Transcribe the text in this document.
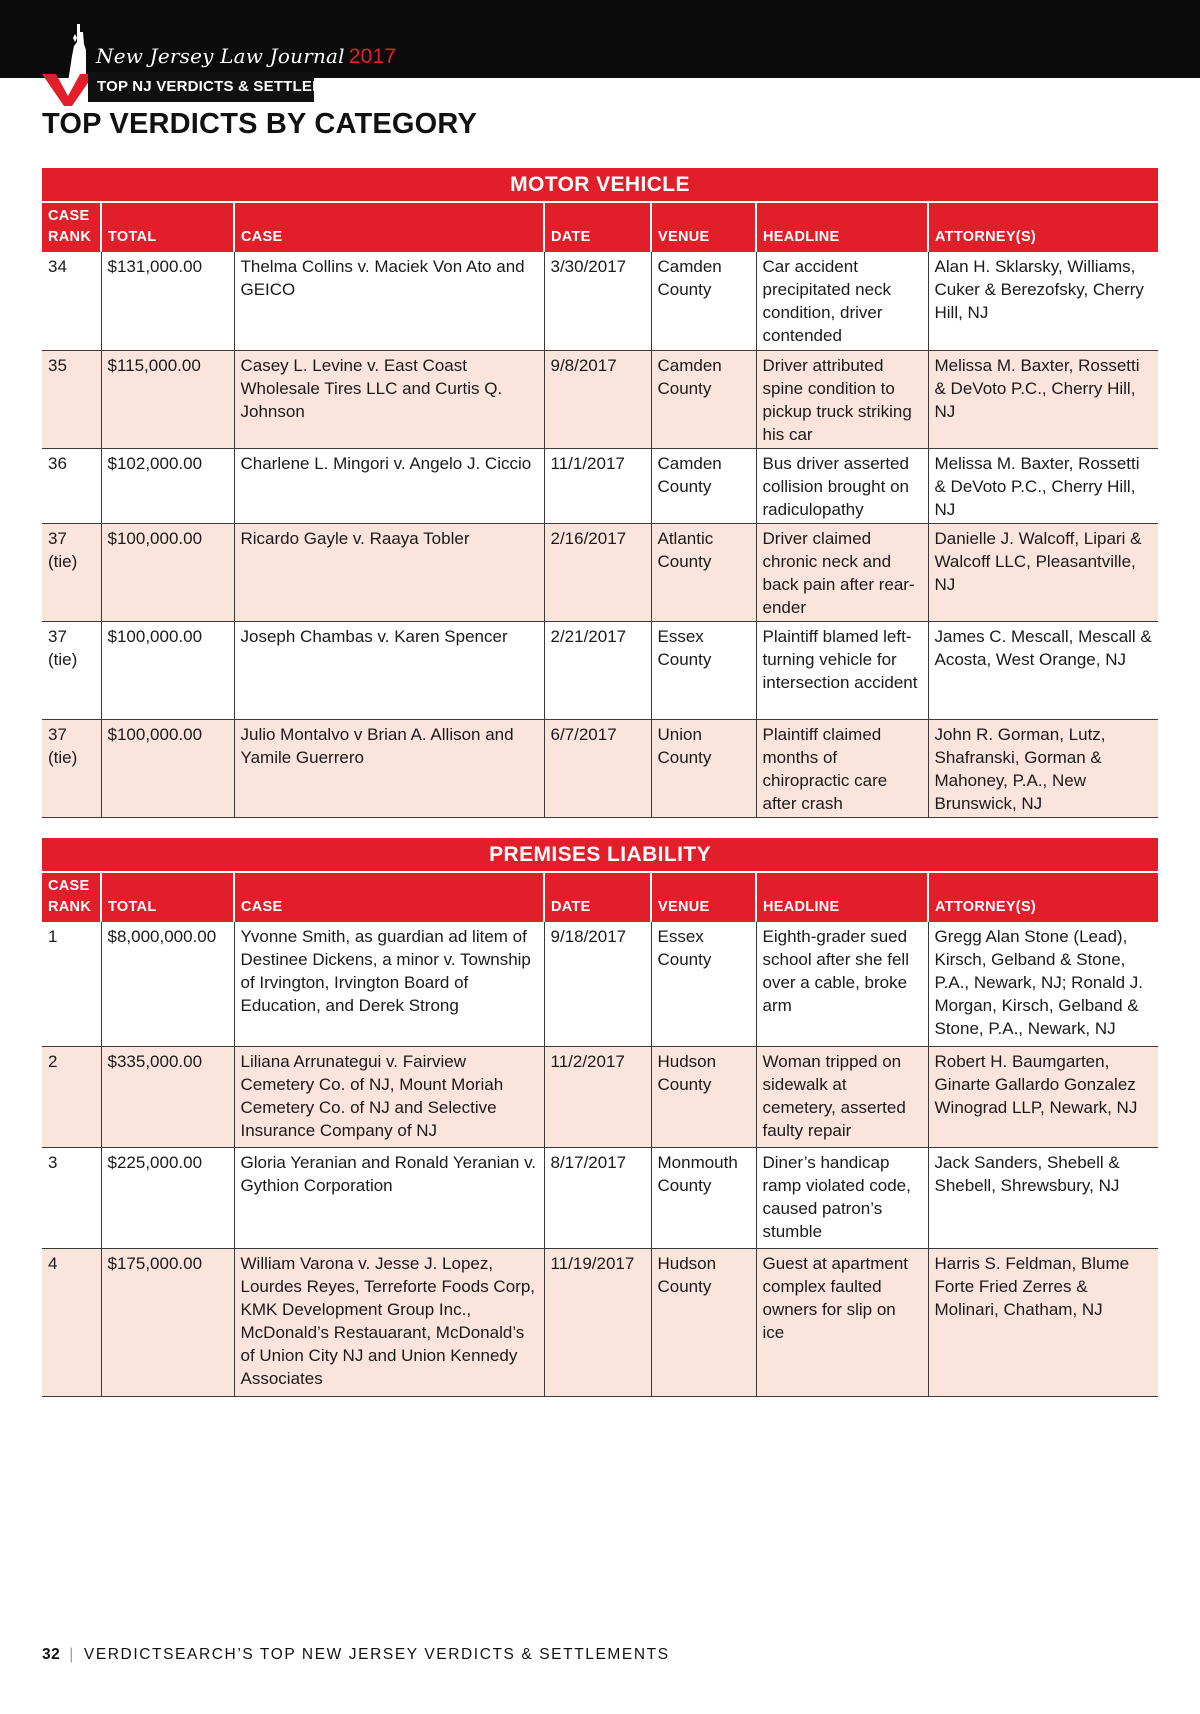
New Jersey Law Journal 2017
TOP NJ VERDICTS & SETTLEMENTS
TOP VERDICTS BY CATEGORY
MOTOR VEHICLE						
CASE RANK	TOTAL	CASE	DATE	VENUE	HEADLINE	ATTORNEY(S)
34	$131,000.00	Thelma Collins v. Maciek Von Ato and GEICO	3/30/2017	Camden County	Car accident precipitated neck condition, driver contended	Alan H. Sklarsky, Williams, Cuker & Berezofsky, Cherry Hill, NJ
35	$115,000.00	Casey L. Levine v. East Coast Wholesale Tires LLC and Curtis Q. Johnson	9/8/2017	Camden County	Driver attributed spine condition to pickup truck striking his car	Melissa M. Baxter, Rossetti & DeVoto P.C., Cherry Hill, NJ
36	$102,000.00	Charlene L. Mingori v. Angelo J. Ciccio	11/1/2017	Camden County	Bus driver asserted collision brought on radiculopathy	Melissa M. Baxter, Rossetti & DeVoto P.C., Cherry Hill, NJ
37 (tie)	$100,000.00	Ricardo Gayle v. Raaya Tobler	2/16/2017	Atlantic County	Driver claimed chronic neck and back pain after rear-ender	Danielle J. Walcoff, Lipari & Walcoff LLC, Pleasantville, NJ
37 (tie)	$100,000.00	Joseph Chambas v. Karen Spencer	2/21/2017	Essex County	Plaintiff blamed left-turning vehicle for intersection accident	James C. Mescall, Mescall & Acosta, West Orange, NJ
37 (tie)	$100,000.00	Julio Montalvo v Brian A. Allison and Yamile Guerrero	6/7/2017	Union County	Plaintiff claimed months of chiropractic care after crash	John R. Gorman, Lutz, Shafranski, Gorman & Mahoney, P.A., New Brunswick, NJ
PREMISES LIABILITY						
CASE RANK	TOTAL	CASE	DATE	VENUE	HEADLINE	ATTORNEY(S)
1	$8,000,000.00	Yvonne Smith, as guardian ad litem of Destinee Dickens, a minor v. Township of Irvington, Irvington Board of Education, and Derek Strong	9/18/2017	Essex County	Eighth-grader sued school after she fell over a cable, broke arm	Gregg Alan Stone (Lead), Kirsch, Gelband & Stone, P.A., Newark, NJ; Ronald J. Morgan, Kirsch, Gelband & Stone, P.A., Newark, NJ
2	$335,000.00	Liliana Arrunategui v. Fairview Cemetery Co. of NJ, Mount Moriah Cemetery Co. of NJ and Selective Insurance Company of NJ	11/2/2017	Hudson County	Woman tripped on sidewalk at cemetery, asserted faulty repair	Robert H. Baumgarten, Ginarte Gallardo Gonzalez Winograd LLP, Newark, NJ
3	$225,000.00	Gloria Yeranian and Ronald Yeranian v. Gythion Corporation	8/17/2017	Monmouth County	Diner’s handicap ramp violated code, caused patron’s stumble	Jack Sanders, Shebell & Shebell, Shrewsbury, NJ
4	$175,000.00	William Varona v. Jesse J. Lopez, Lourdes Reyes, Terreforte Foods Corp, KMK Development Group Inc., McDonald’s Restauarant, McDonald’s of Union City NJ and Union Kennedy Associates	11/19/2017	Hudson County	Guest at apartment complex faulted owners for slip on ice	Harris S. Feldman, Blume Forte Fried Zerres & Molinari, Chatham, NJ
32 | VERDICTSEARCH’S TOP NEW JERSEY VERDICTS & SETTLEMENTS
